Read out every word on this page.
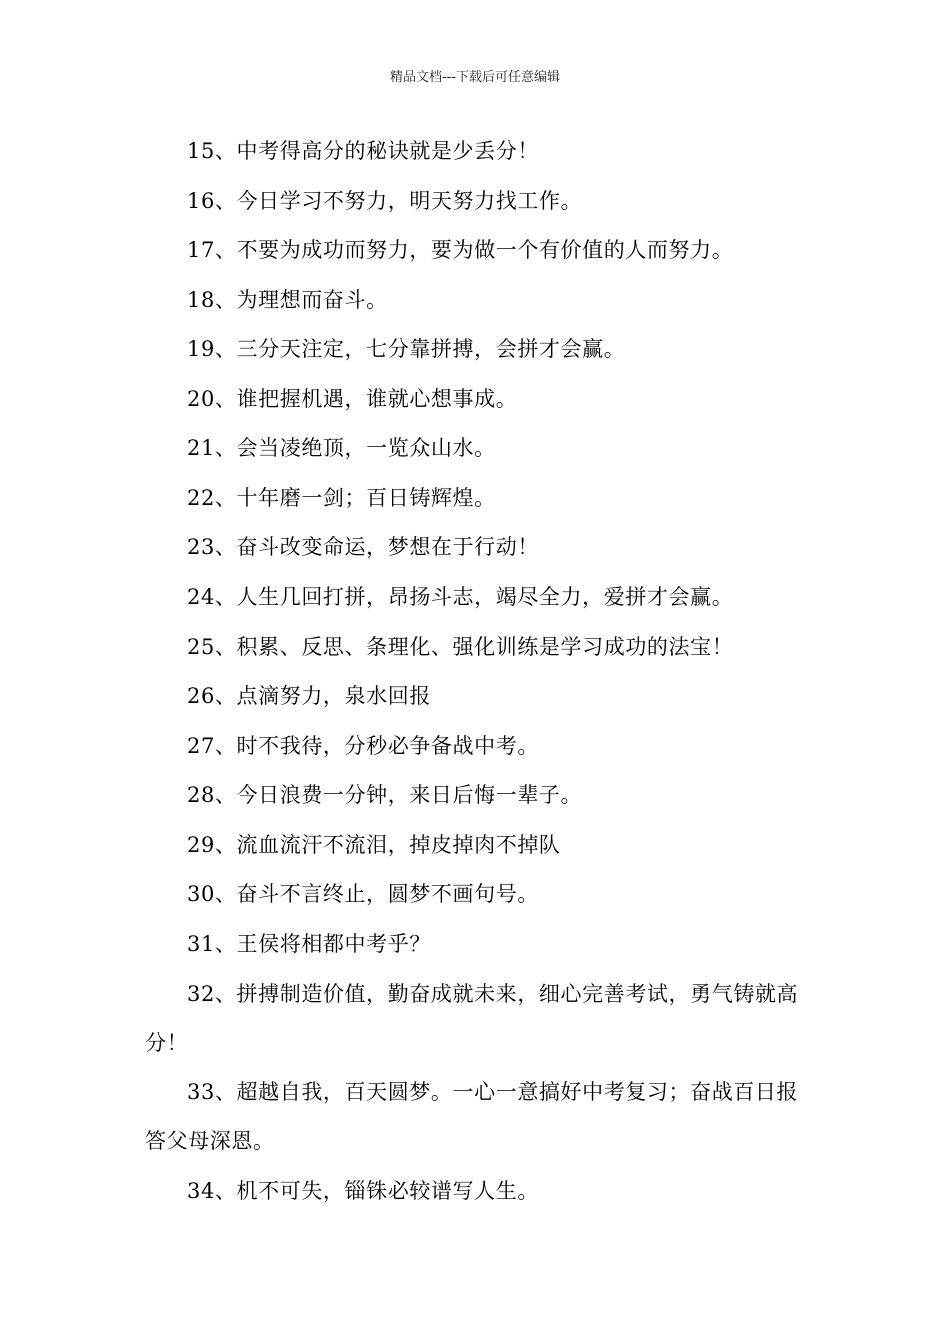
精品文档---下载后可任意编辑

15、中考得高分的秘诀就是少丢分！

16、今日学习不努力，明天努力找工作。

17、不要为成功而努力，要为做一个有价值的人而努力。

18、为理想而奋斗。

19、三分天注定，七分靠拼搏，会拼才会赢。

20、谁把握机遇，谁就心想事成。

21、会当凌绝顶，一览众山水。

22、十年磨一剑；百日铸辉煌。

23、奋斗改变命运，梦想在于行动！

24、人生几回打拼，昂扬斗志，竭尽全力，爱拼才会赢。

25、积累、反思、条理化、强化训练是学习成功的法宝！

26、点滴努力，泉水回报

27、时不我待，分秒必争备战中考。

28、今日浪费一分钟，来日后悔一辈子。

29、流血流汗不流泪，掉皮掉肉不掉队

30、奋斗不言终止，圆梦不画句号。

31、王侯将相都中考乎？

32、拼搏制造价值，勤奋成就未来，细心完善考试，勇气铸就高分！

33、超越自我，百天圆梦。一心一意搞好中考复习；奋战百日报答父母深恩。

34、机不可失，锱铢必较谱写人生。
